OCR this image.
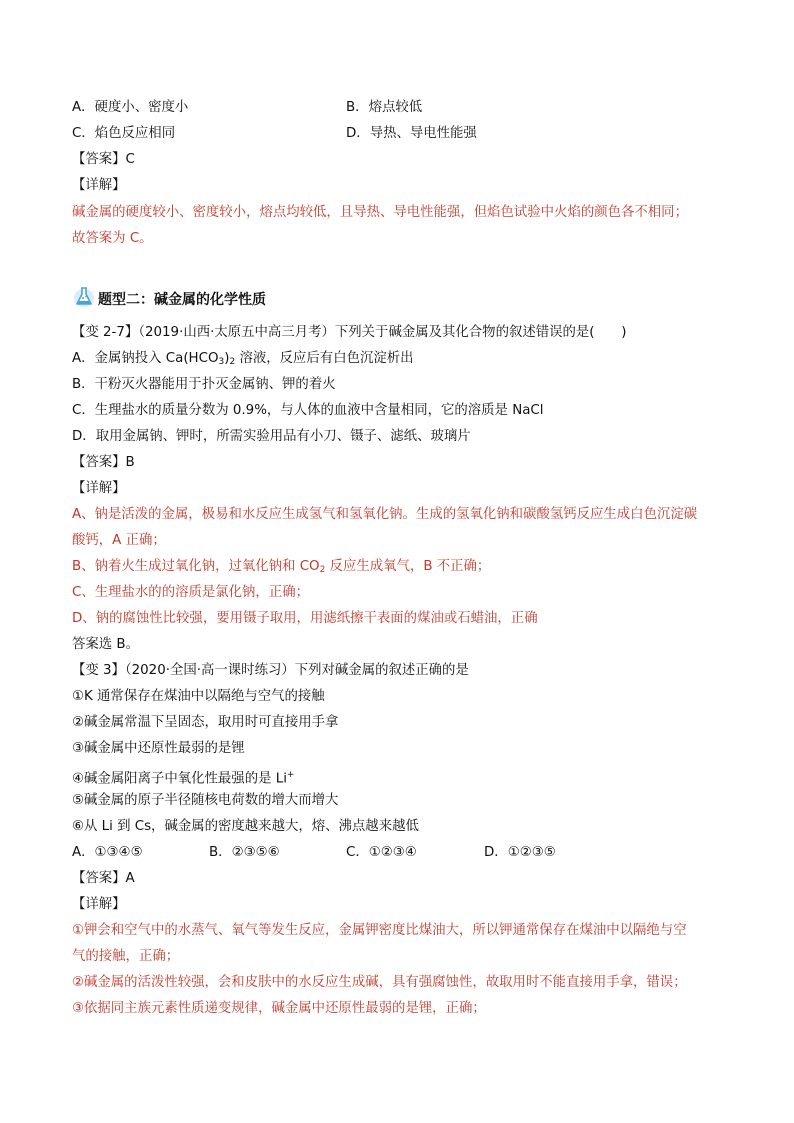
A．硬度小、密度小	B．熔点较低
C．焰色反应相同	D．导热、导电性能强
【答案】C
【详解】
碱金属的硬度较小、密度较小，熔点均较低，且导热、导电性能强，但焰色试验中火焰的颜色各不相同；
故答案为 C。
题型二：碱金属的化学性质
【变 2-7】（2019·山西·太原五中高三月考）下列关于碱金属及其化合物的叙述错误的是(　　)
A．金属钠投入 $Ca(HCO_3)_2$ 溶液，反应后有白色沉淀析出
B．干粉灭火器能用于扑灭金属钠、钾的着火
C．生理盐水的质量分数为 0.9%，与人体的血液中含量相同，它的溶质是 NaCl
D．取用金属钠、钾时，所需实验用品有小刀、镊子、滤纸、玻璃片
【答案】B
【详解】
A、钠是活泼的金属，极易和水反应生成氢气和氢氧化钠。生成的氢氧化钠和碳酸氢钙反应生成白色沉淀碳
酸钙，A 正确；
B、钠着火生成过氧化钠，过氧化钠和 $CO_2$ 反应生成氧气，B 不正确；
C、生理盐水的的溶质是氯化钠，正确；
D、钠的腐蚀性比较强，要用镊子取用，用滤纸擦干表面的煤油或石蜡油，正确
答案选 B。
【变 3】（2020·全国·高一课时练习）下列对碱金属的叙述正确的是
①K 通常保存在煤油中以隔绝与空气的接触
②碱金属常温下呈固态，取用时可直接用手拿
③碱金属中还原性最弱的是锂
④碱金属阳离子中氧化性最强的是 Li+
⑤碱金属的原子半径随核电荷数的增大而增大
⑥从 Li 到 Cs，碱金属的密度越来越大，熔、沸点越来越低
A．①③④⑤	B．②③⑤⑥	C．①②③④	D．①②③⑤
【答案】A
【详解】
①钾会和空气中的水蒸气、氧气等发生反应，金属钾密度比煤油大，所以钾通常保存在煤油中以隔绝与空
气的接触，正确；
②碱金属的活泼性较强，会和皮肤中的水反应生成碱，具有强腐蚀性，故取用时不能直接用手拿，错误；
③依据同主族元素性质递变规律，碱金属中还原性最弱的是锂，正确；
